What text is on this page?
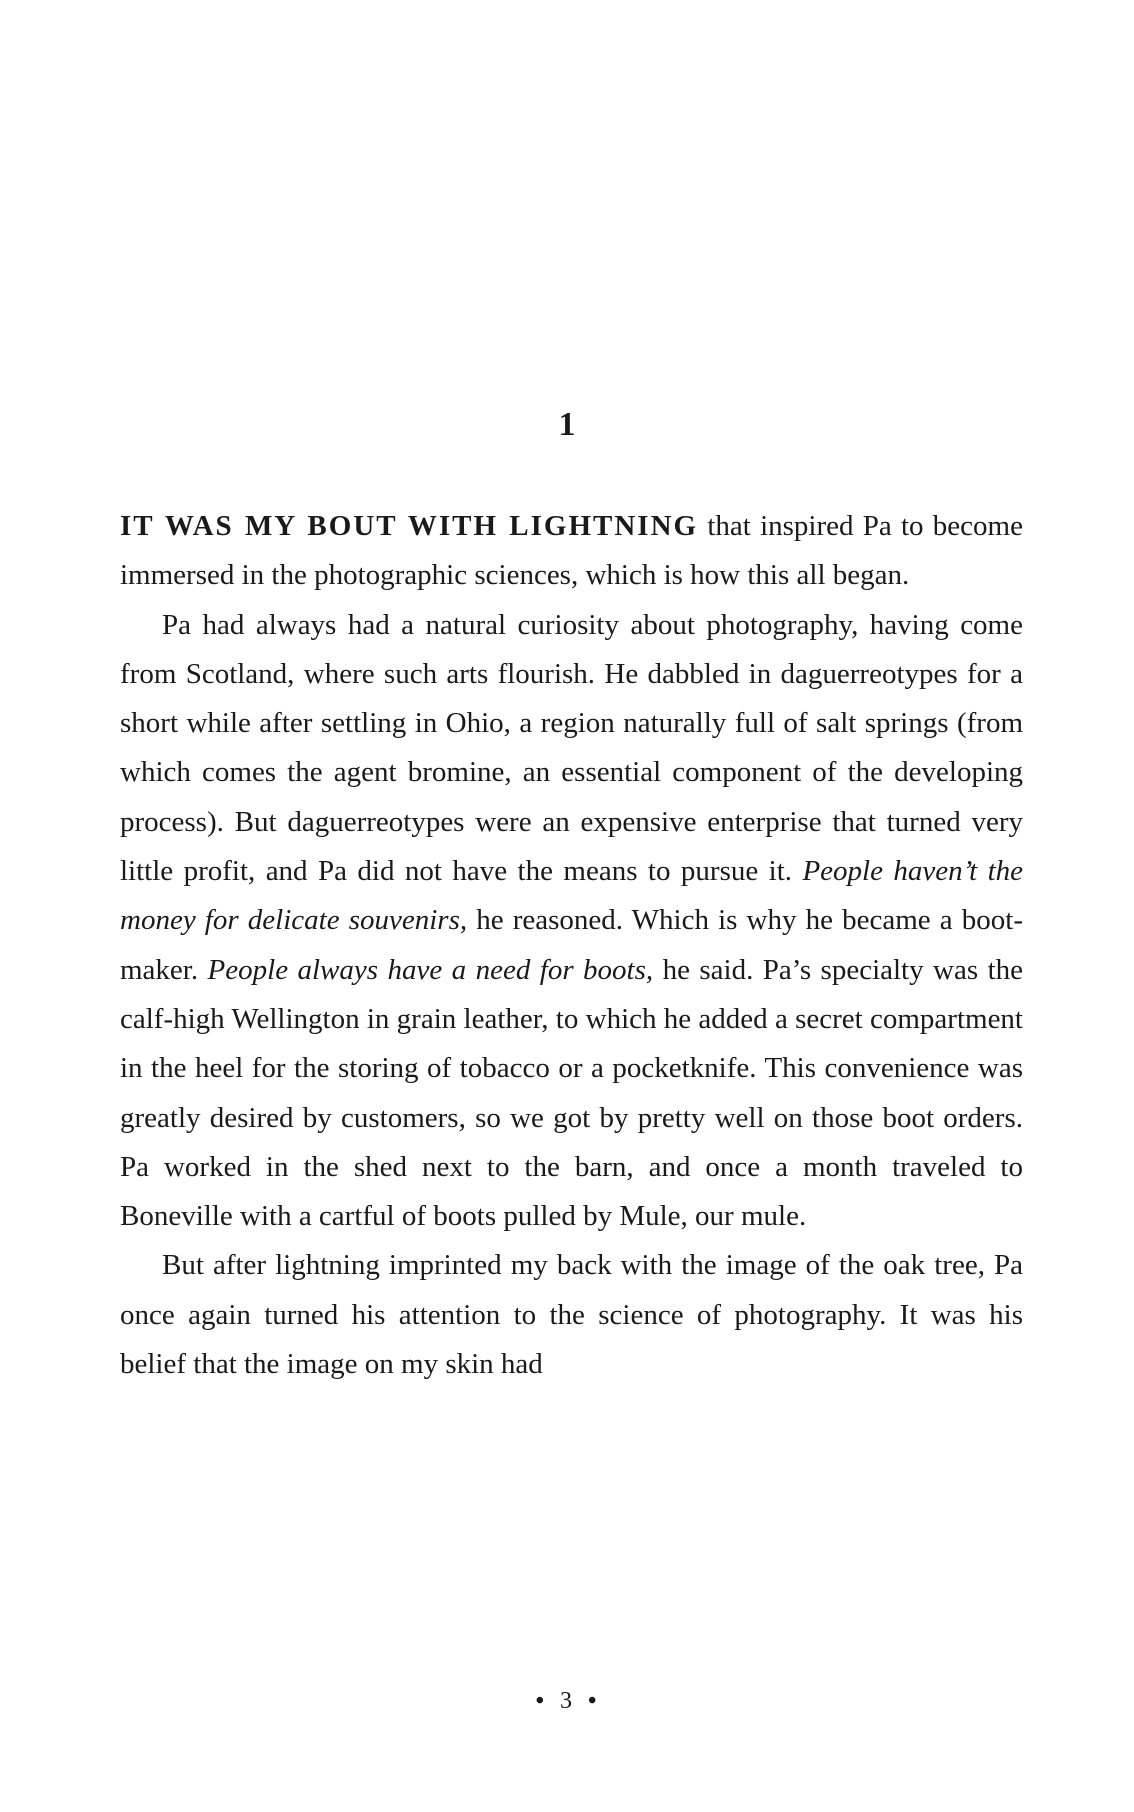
1

IT WAS MY BOUT WITH LIGHTNING that inspired Pa to become immersed in the photographic sciences, which is how this all began.

Pa had always had a natural curiosity about photography, having come from Scotland, where such arts flourish. He dabbled in daguerreotypes for a short while after settling in Ohio, a region naturally full of salt springs (from which comes the agent bromine, an essential component of the developing process). But daguerreotypes were an expensive enterprise that turned very little profit, and Pa did not have the means to pursue it. People haven’t the money for delicate souvenirs, he reasoned. Which is why he became a boot-maker. People always have a need for boots, he said. Pa’s specialty was the calf-high Wellington in grain leather, to which he added a secret compartment in the heel for the storing of tobacco or a pocketknife. This convenience was greatly desired by customers, so we got by pretty well on those boot orders. Pa worked in the shed next to the barn, and once a month traveled to Boneville with a cartful of boots pulled by Mule, our mule.

But after lightning imprinted my back with the image of the oak tree, Pa once again turned his attention to the science of photography. It was his belief that the image on my skin had

• 3 •
